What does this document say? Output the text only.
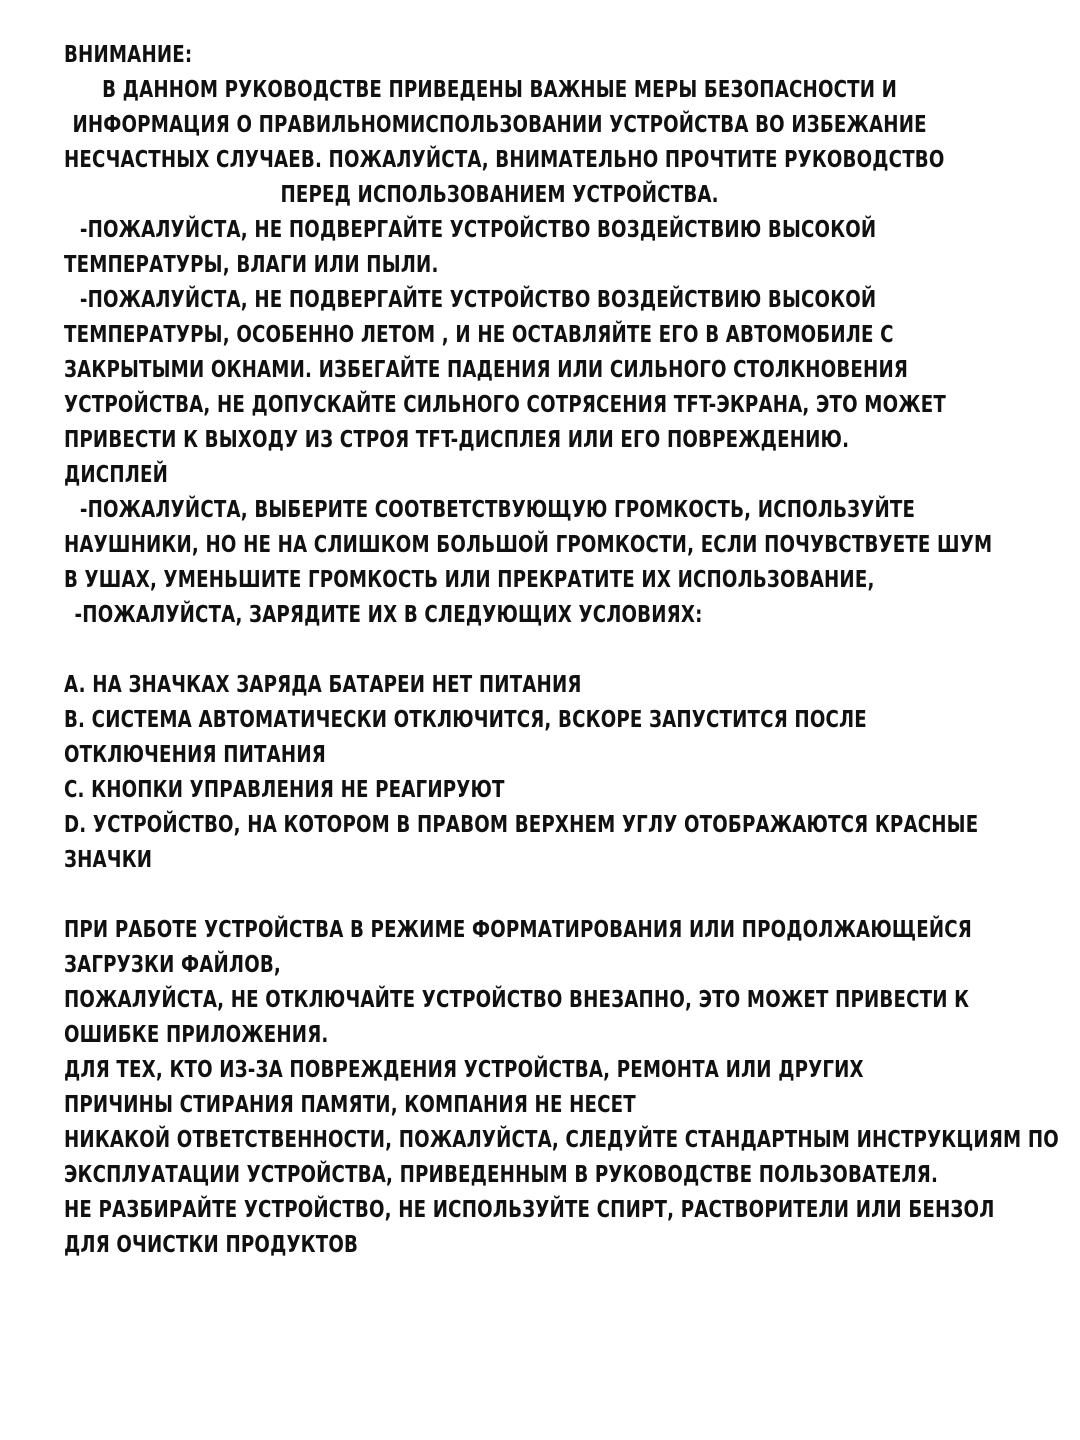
ВНИМАНИЕ:
В ДАННОМ РУКОВОДСТВЕ ПРИВЕДЕНЫ ВАЖНЫЕ МЕРЫ БЕЗОПАСНОСТИ И
ИНФОРМАЦИЯ О ПРАВИЛЬНОМИСПОЛЬЗОВАНИИ УСТРОЙСТВА ВО ИЗБЕЖАНИЕ
НЕСЧАСТНЫХ СЛУЧАЕВ. ПОЖАЛУЙСТА, ВНИМАТЕЛЬНО ПРОЧТИТЕ РУКОВОДСТВО
ПЕРЕД ИСПОЛЬЗОВАНИЕМ УСТРОЙСТВА.
-ПОЖАЛУЙСТА, НЕ ПОДВЕРГАЙТЕ УСТРОЙСТВО ВОЗДЕЙСТВИЮ ВЫСОКОЙ
ТЕМПЕРАТУРЫ, ВЛАГИ ИЛИ ПЫЛИ.
-ПОЖАЛУЙСТА, НЕ ПОДВЕРГАЙТЕ УСТРОЙСТВО ВОЗДЕЙСТВИЮ ВЫСОКОЙ
ТЕМПЕРАТУРЫ, ОСОБЕННО ЛЕТОМ , И НЕ ОСТАВЛЯЙТЕ ЕГО В АВТОМОБИЛЕ С
ЗАКРЫТЫМИ ОКНАМИ. ИЗБЕГАЙТЕ ПАДЕНИЯ ИЛИ СИЛЬНОГО СТОЛКНОВЕНИЯ
УСТРОЙСТВА, НЕ ДОПУСКАЙТЕ СИЛЬНОГО СОТРЯСЕНИЯ TFT-ЭКРАНА, ЭТО МОЖЕТ
ПРИВЕСТИ К ВЫХОДУ ИЗ СТРОЯ TFT-ДИСПЛЕЯ ИЛИ ЕГО ПОВРЕЖДЕНИЮ.
ДИСПЛЕЙ
-ПОЖАЛУЙСТА, ВЫБЕРИТЕ СООТВЕТСТВУЮЩУЮ ГРОМКОСТЬ, ИСПОЛЬЗУЙТЕ
НАУШНИКИ, НО НЕ НА СЛИШКОМ БОЛЬШОЙ ГРОМКОСТИ, ЕСЛИ ПОЧУВСТВУЕТЕ ШУМ
В УШАХ, УМЕНЬШИТЕ ГРОМКОСТЬ ИЛИ ПРЕКРАТИТЕ ИХ ИСПОЛЬЗОВАНИЕ,
-ПОЖАЛУЙСТА, ЗАРЯДИТЕ ИХ В СЛЕДУЮЩИХ УСЛОВИЯХ:
A. НА ЗНАЧКАХ ЗАРЯДА БАТАРЕИ НЕТ ПИТАНИЯ
B. СИСТЕМА АВТОМАТИЧЕСКИ ОТКЛЮЧИТСЯ, ВСКОРЕ ЗАПУСТИТСЯ ПОСЛЕ
ОТКЛЮЧЕНИЯ ПИТАНИЯ
C. КНОПКИ УПРАВЛЕНИЯ НЕ РЕАГИРУЮТ
D. УСТРОЙСТВО, НА КОТОРОМ В ПРАВОМ ВЕРХНЕМ УГЛУ ОТОБРАЖАЮТСЯ КРАСНЫЕ
ЗНАЧКИ
ПРИ РАБОТЕ УСТРОЙСТВА В РЕЖИМЕ ФОРМАТИРОВАНИЯ ИЛИ ПРОДОЛЖАЮЩЕЙСЯ
ЗАГРУЗКИ ФАЙЛОВ,
ПОЖАЛУЙСТА, НЕ ОТКЛЮЧАЙТЕ УСТРОЙСТВО ВНЕЗАПНО, ЭТО МОЖЕТ ПРИВЕСТИ К
ОШИБКЕ ПРИЛОЖЕНИЯ.
ДЛЯ ТЕХ, КТО ИЗ-ЗА ПОВРЕЖДЕНИЯ УСТРОЙСТВА, РЕМОНТА ИЛИ ДРУГИХ
ПРИЧИНЫ СТИРАНИЯ ПАМЯТИ, КОМПАНИЯ НЕ НЕСЕТ
НИКАКОЙ ОТВЕТСТВЕННОСТИ, ПОЖАЛУЙСТА, СЛЕДУЙТЕ СТАНДАРТНЫМ ИНСТРУКЦИЯМ ПО
ЭКСПЛУАТАЦИИ УСТРОЙСТВА, ПРИВЕДЕННЫМ В РУКОВОДСТВЕ ПОЛЬЗОВАТЕЛЯ.
НЕ РАЗБИРАЙТЕ УСТРОЙСТВО, НЕ ИСПОЛЬЗУЙТЕ СПИРТ, РАСТВОРИТЕЛИ ИЛИ БЕНЗОЛ
ДЛЯ ОЧИСТКИ ПРОДУКТОВ
